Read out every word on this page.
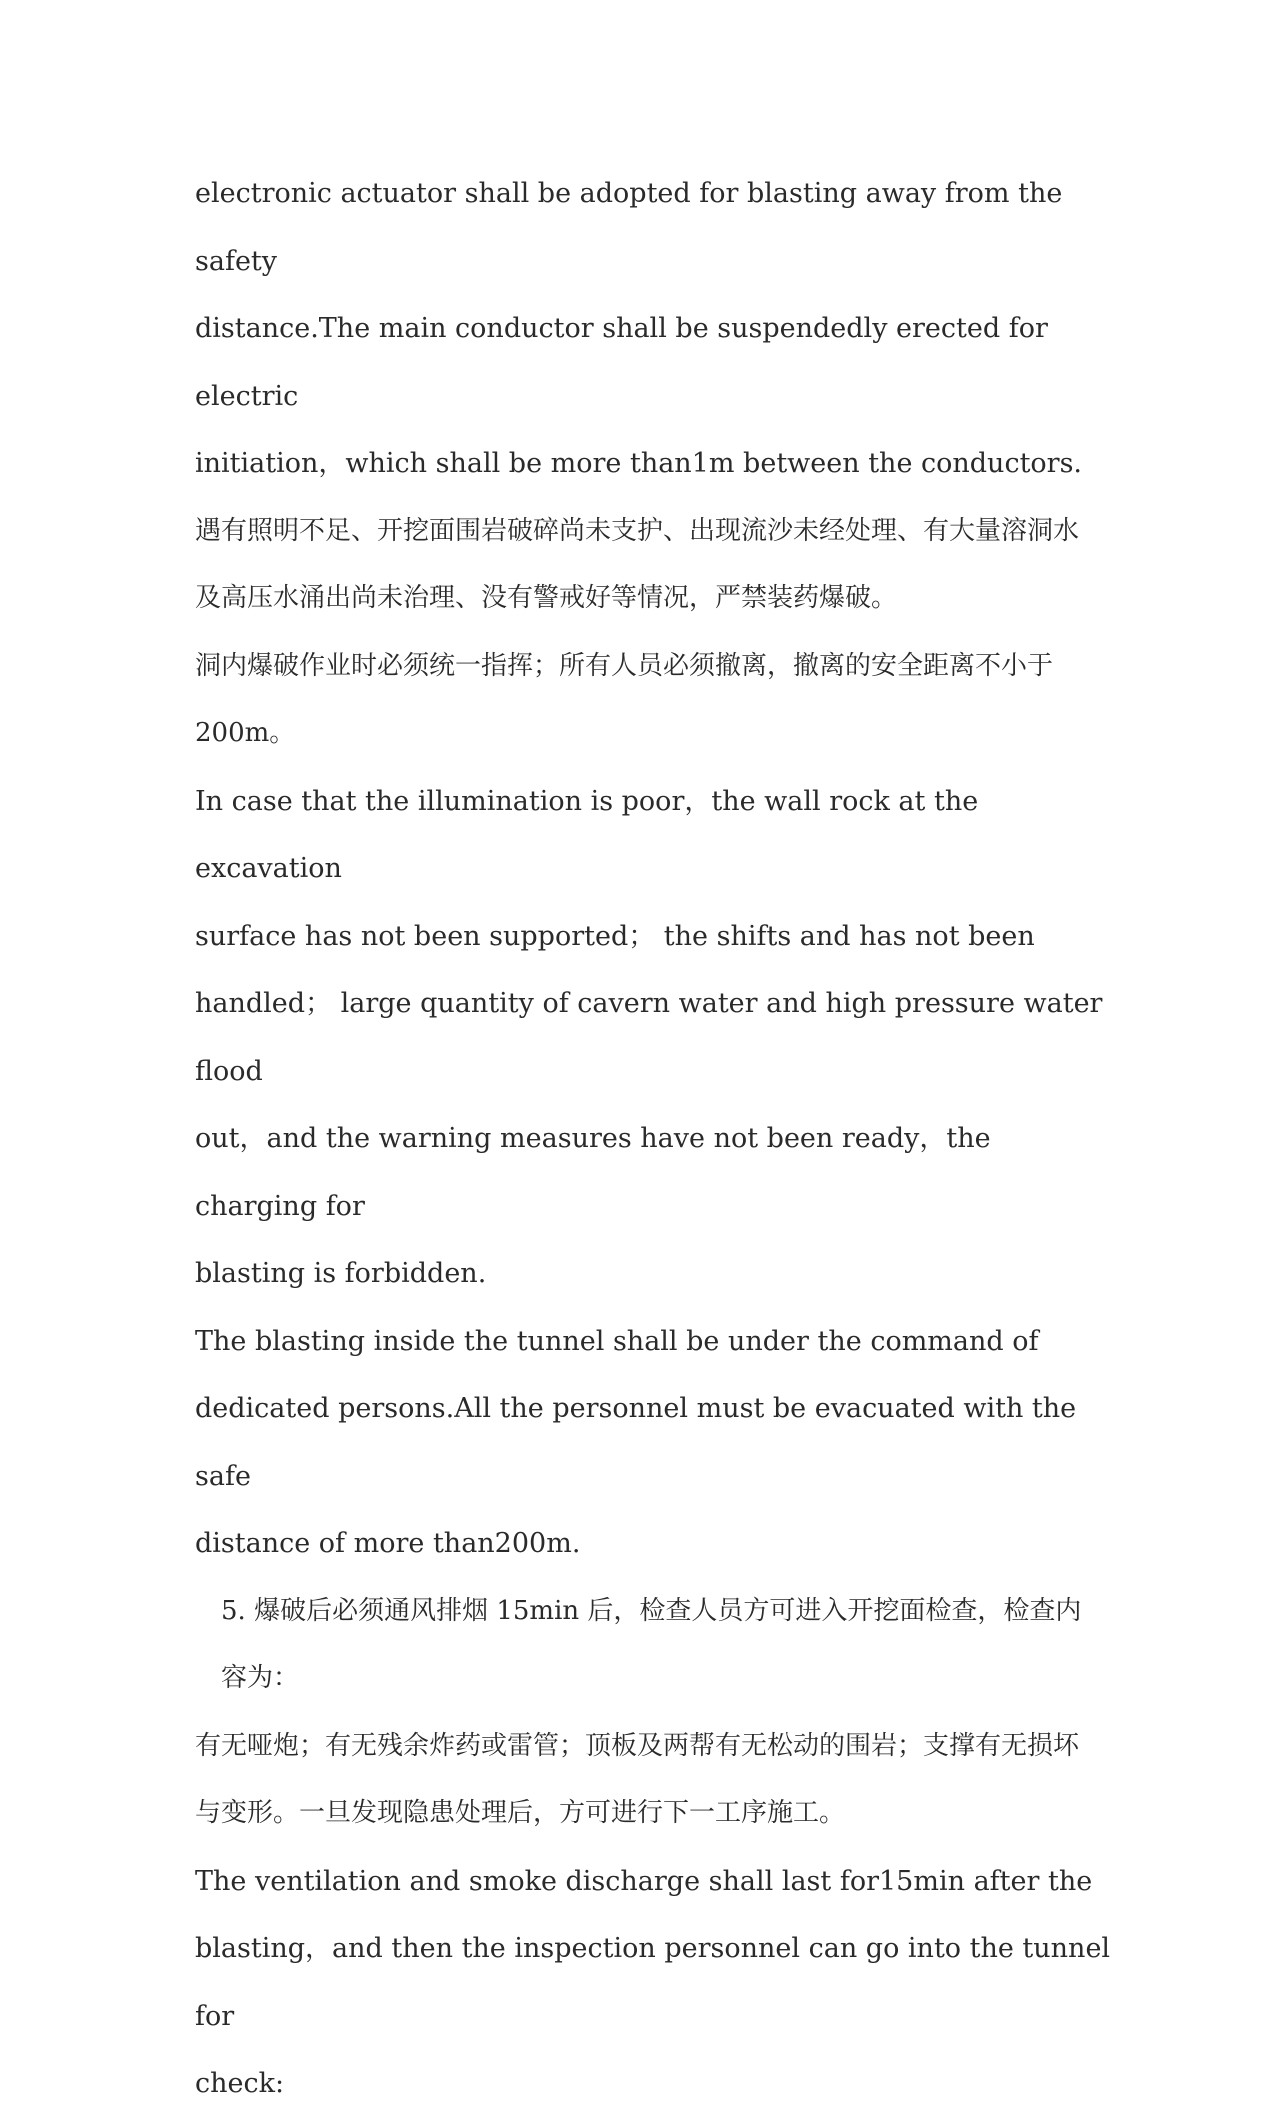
electronic actuator shall be adopted for blasting away from the safety
distance.The main conductor shall be suspendedly erected for electric
initiation，which shall be more than1m between the conductors.
遇有照明不足、开挖面围岩破碎尚未支护、出现流沙未经处理、有大量溶洞水
及高压水涌出尚未治理、没有警戒好等情况，严禁装药爆破。
洞内爆破作业时必须统一指挥；所有人员必须撤离，撤离的安全距离不小于
200m。
In case that the illumination is poor，the wall rock at the excavation
surface has not been supported； the shifts and has not been
handled； large quantity of cavern water and high pressure water flood
out，and the warning measures have not been ready，the charging for
blasting is forbidden.
The blasting inside the tunnel shall be under the command of
dedicated persons.All the personnel must be evacuated with the safe
distance of more than200m.
5. 爆破后必须通风排烟 15min 后，检查人员方可进入开挖面检查，检查内
容为：
有无哑炮；有无残余炸药或雷管；顶板及两帮有无松动的围岩；支撑有无损坏
与变形。一旦发现隐患处理后，方可进行下一工序施工。
The ventilation and smoke discharge shall last for15min after the
blasting，and then the inspection personnel can go into the tunnel for
check:
